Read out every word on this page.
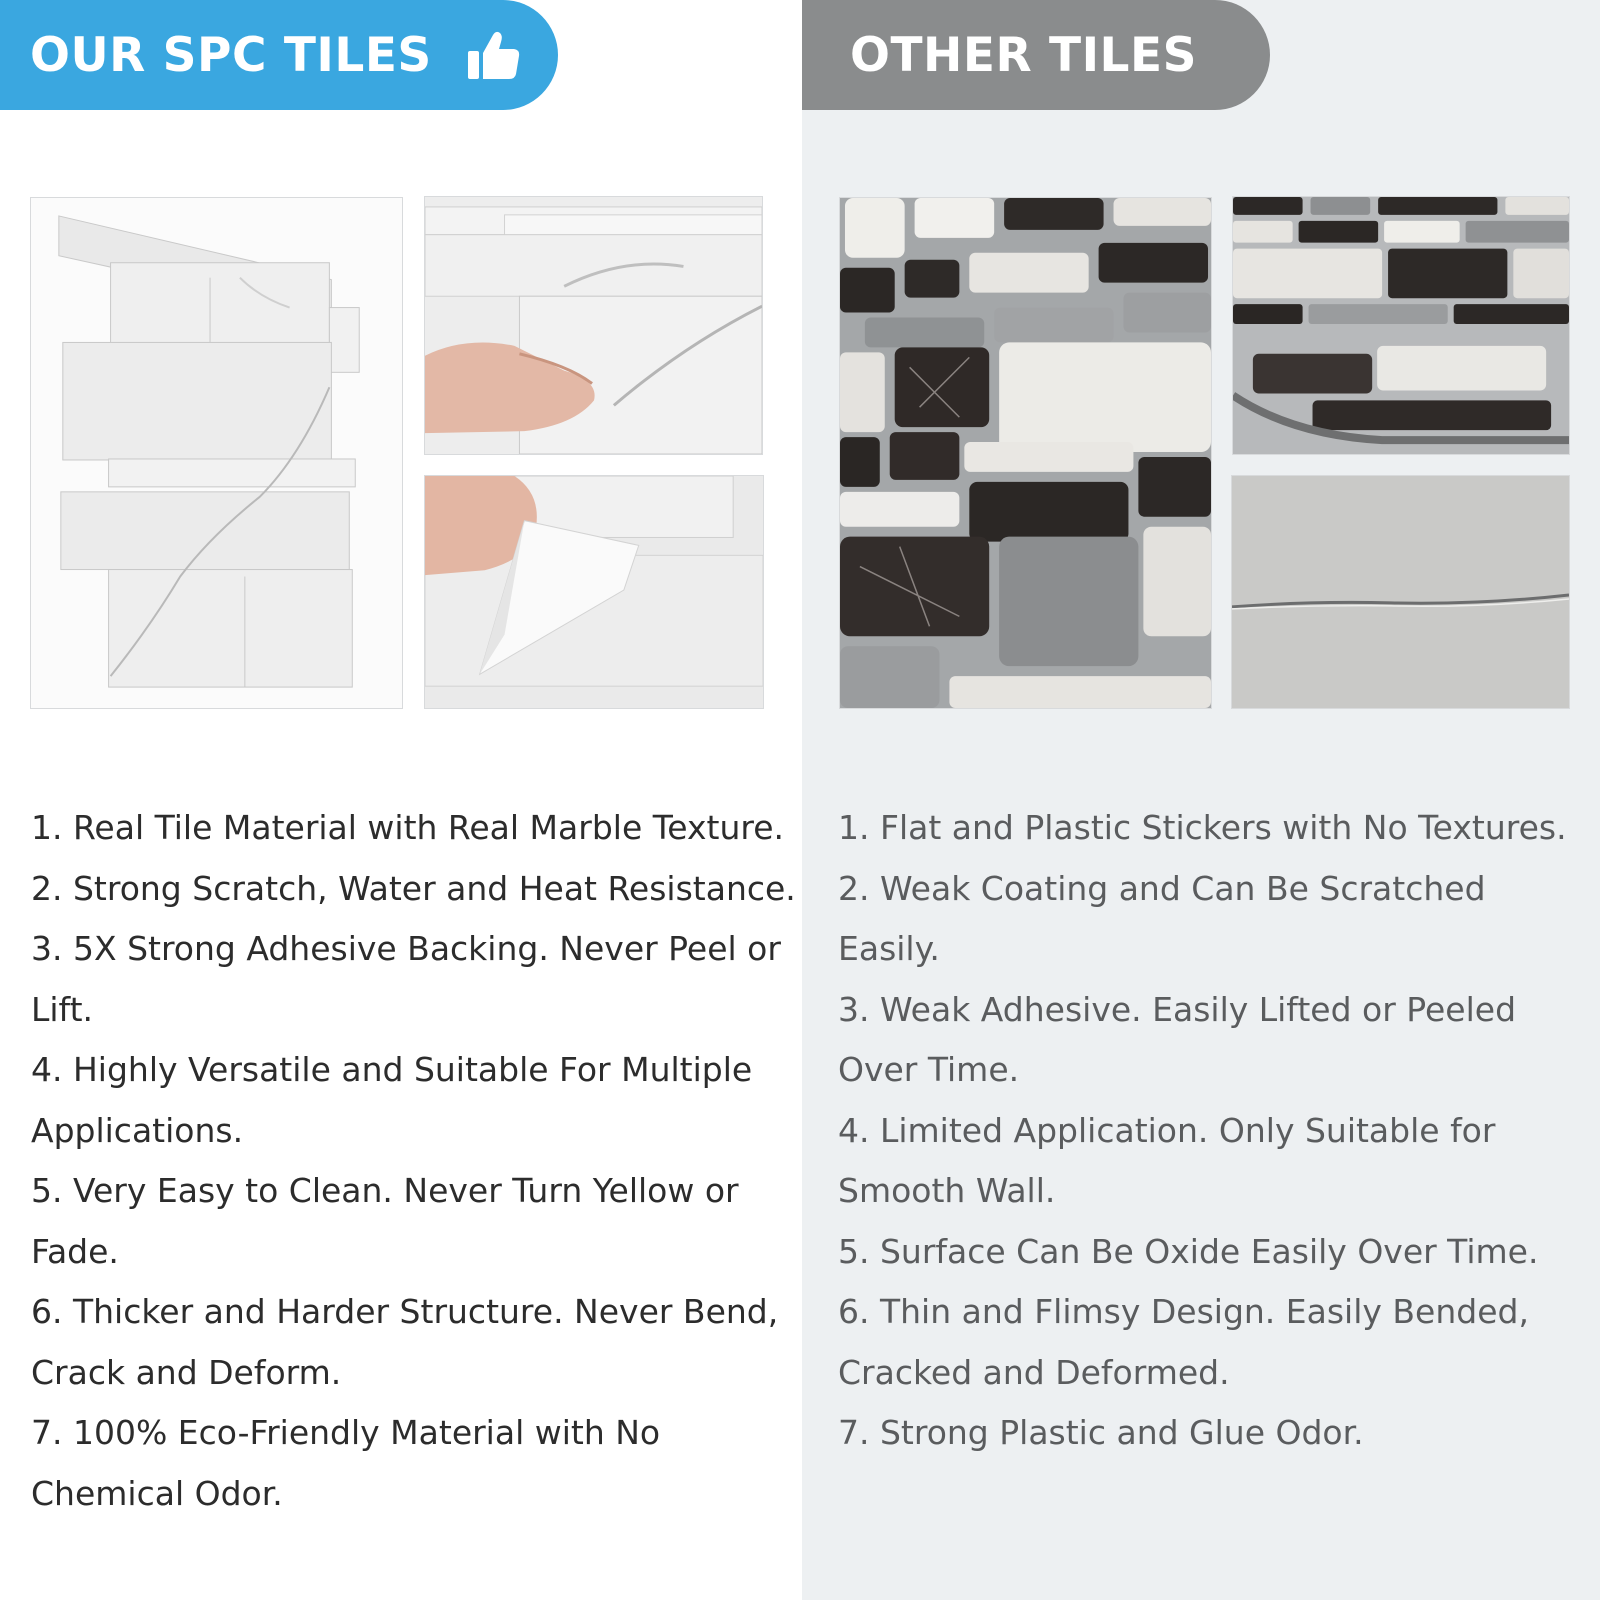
OUR SPC TILES	OTHER TILES
1. Real Tile Material with Real Marble Texture.
2. Strong Scratch, Water and Heat Resistance.
3. 5X Strong Adhesive Backing. Never Peel or Lift.
4. Highly Versatile and Suitable For Multiple Applications.
5. Very Easy to Clean. Never Turn Yellow or Fade.
6. Thicker and Harder Structure. Never Bend, Crack and Deform.
7. 100% Eco-Friendly Material with No Chemical Odor.
1. Flat and Plastic Stickers with No Textures.
2. Weak Coating and Can Be Scratched Easily.
3. Weak Adhesive. Easily Lifted or Peeled Over Time.
4. Limited Application. Only Suitable for Smooth Wall.
5. Surface Can Be Oxide Easily Over Time.
6. Thin and Flimsy Design. Easily Bended, Cracked and Deformed.
7. Strong Plastic and Glue Odor.
